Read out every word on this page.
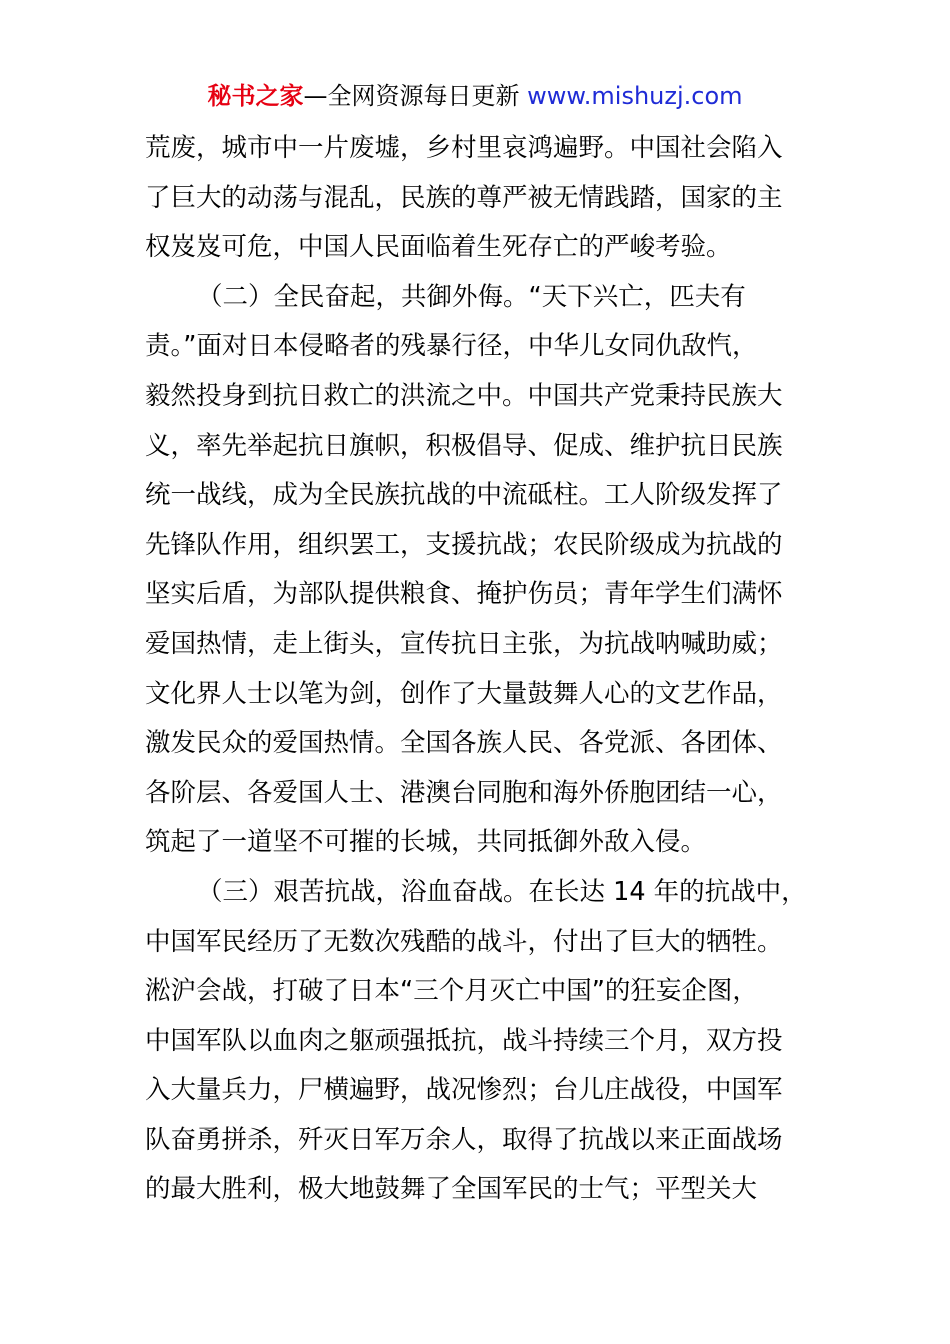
秘书之家—全网资源每日更新 www.mishuzj.com
荒废，城市中一片废墟，乡村里哀鸿遍野。中国社会陷入
了巨大的动荡与混乱，民族的尊严被无情践踏，国家的主
权岌岌可危，中国人民面临着生死存亡的严峻考验。
（二）全民奋起，共御外侮。“天下兴亡，匹夫有
责。”面对日本侵略者的残暴行径，中华儿女同仇敌忾，
毅然投身到抗日救亡的洪流之中。中国共产党秉持民族大
义，率先举起抗日旗帜，积极倡导、促成、维护抗日民族
统一战线，成为全民族抗战的中流砥柱。工人阶级发挥了
先锋队作用，组织罢工，支援抗战；农民阶级成为抗战的
坚实后盾，为部队提供粮食、掩护伤员；青年学生们满怀
爱国热情，走上街头，宣传抗日主张，为抗战呐喊助威；
文化界人士以笔为剑，创作了大量鼓舞人心的文艺作品，
激发民众的爱国热情。全国各族人民、各党派、各团体、
各阶层、各爱国人士、港澳台同胞和海外侨胞团结一心，
筑起了一道坚不可摧的长城，共同抵御外敌入侵。
（三）艰苦抗战，浴血奋战。在长达 14 年的抗战中，
中国军民经历了无数次残酷的战斗，付出了巨大的牺牲。
淞沪会战，打破了日本“三个月灭亡中国”的狂妄企图，
中国军队以血肉之躯顽强抵抗，战斗持续三个月，双方投
入大量兵力，尸横遍野，战况惨烈；台儿庄战役，中国军
队奋勇拼杀，歼灭日军万余人，取得了抗战以来正面战场
的最大胜利，极大地鼓舞了全国军民的士气；平型关大
